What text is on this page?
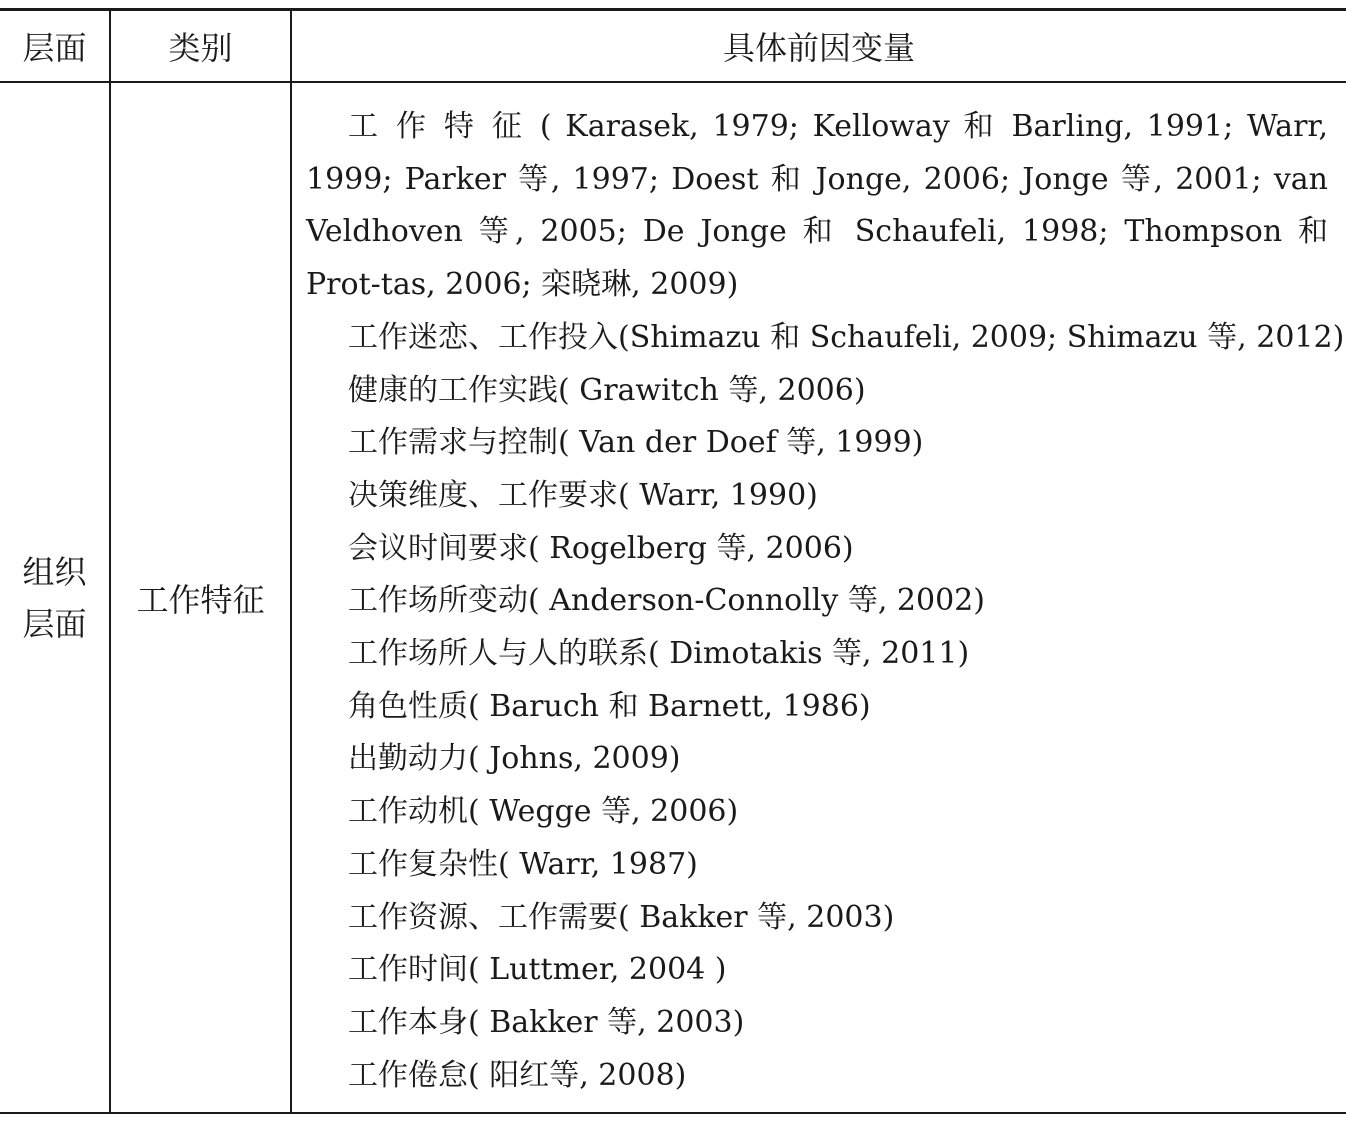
层面	类别	具体前因变量
组织层面
工作特征

工 作 特 征 ( Karasek, 1979; Kelloway 和 Barling, 1991; Warr, 1999; Parker 等, 1997; Doest 和 Jonge, 2006; Jonge 等, 2001; van Veldhoven 等, 2005; De Jonge 和 Schaufeli, 1998; Thompson 和 Prot-tas, 2006; 栾晓琳, 2009)

工作迷恋、工作投入(Shimazu 和 Schaufeli, 2009; Shimazu 等, 2012)

健康的工作实践( Grawitch 等, 2006)

工作需求与控制( Van der Doef 等, 1999)

决策维度、工作要求( Warr, 1990)

会议时间要求( Rogelberg 等, 2006)

工作场所变动( Anderson-Connolly 等, 2002)

工作场所人与人的联系( Dimotakis 等, 2011)

角色性质( Baruch 和 Barnett, 1986)

出勤动力( Johns, 2009)

工作动机( Wegge 等, 2006)

工作复杂性( Warr, 1987)

工作资源、工作需要( Bakker 等, 2003)

工作时间( Luttmer, 2004 )

工作本身( Bakker 等, 2003)

工作倦怠( 阳红等, 2008)
